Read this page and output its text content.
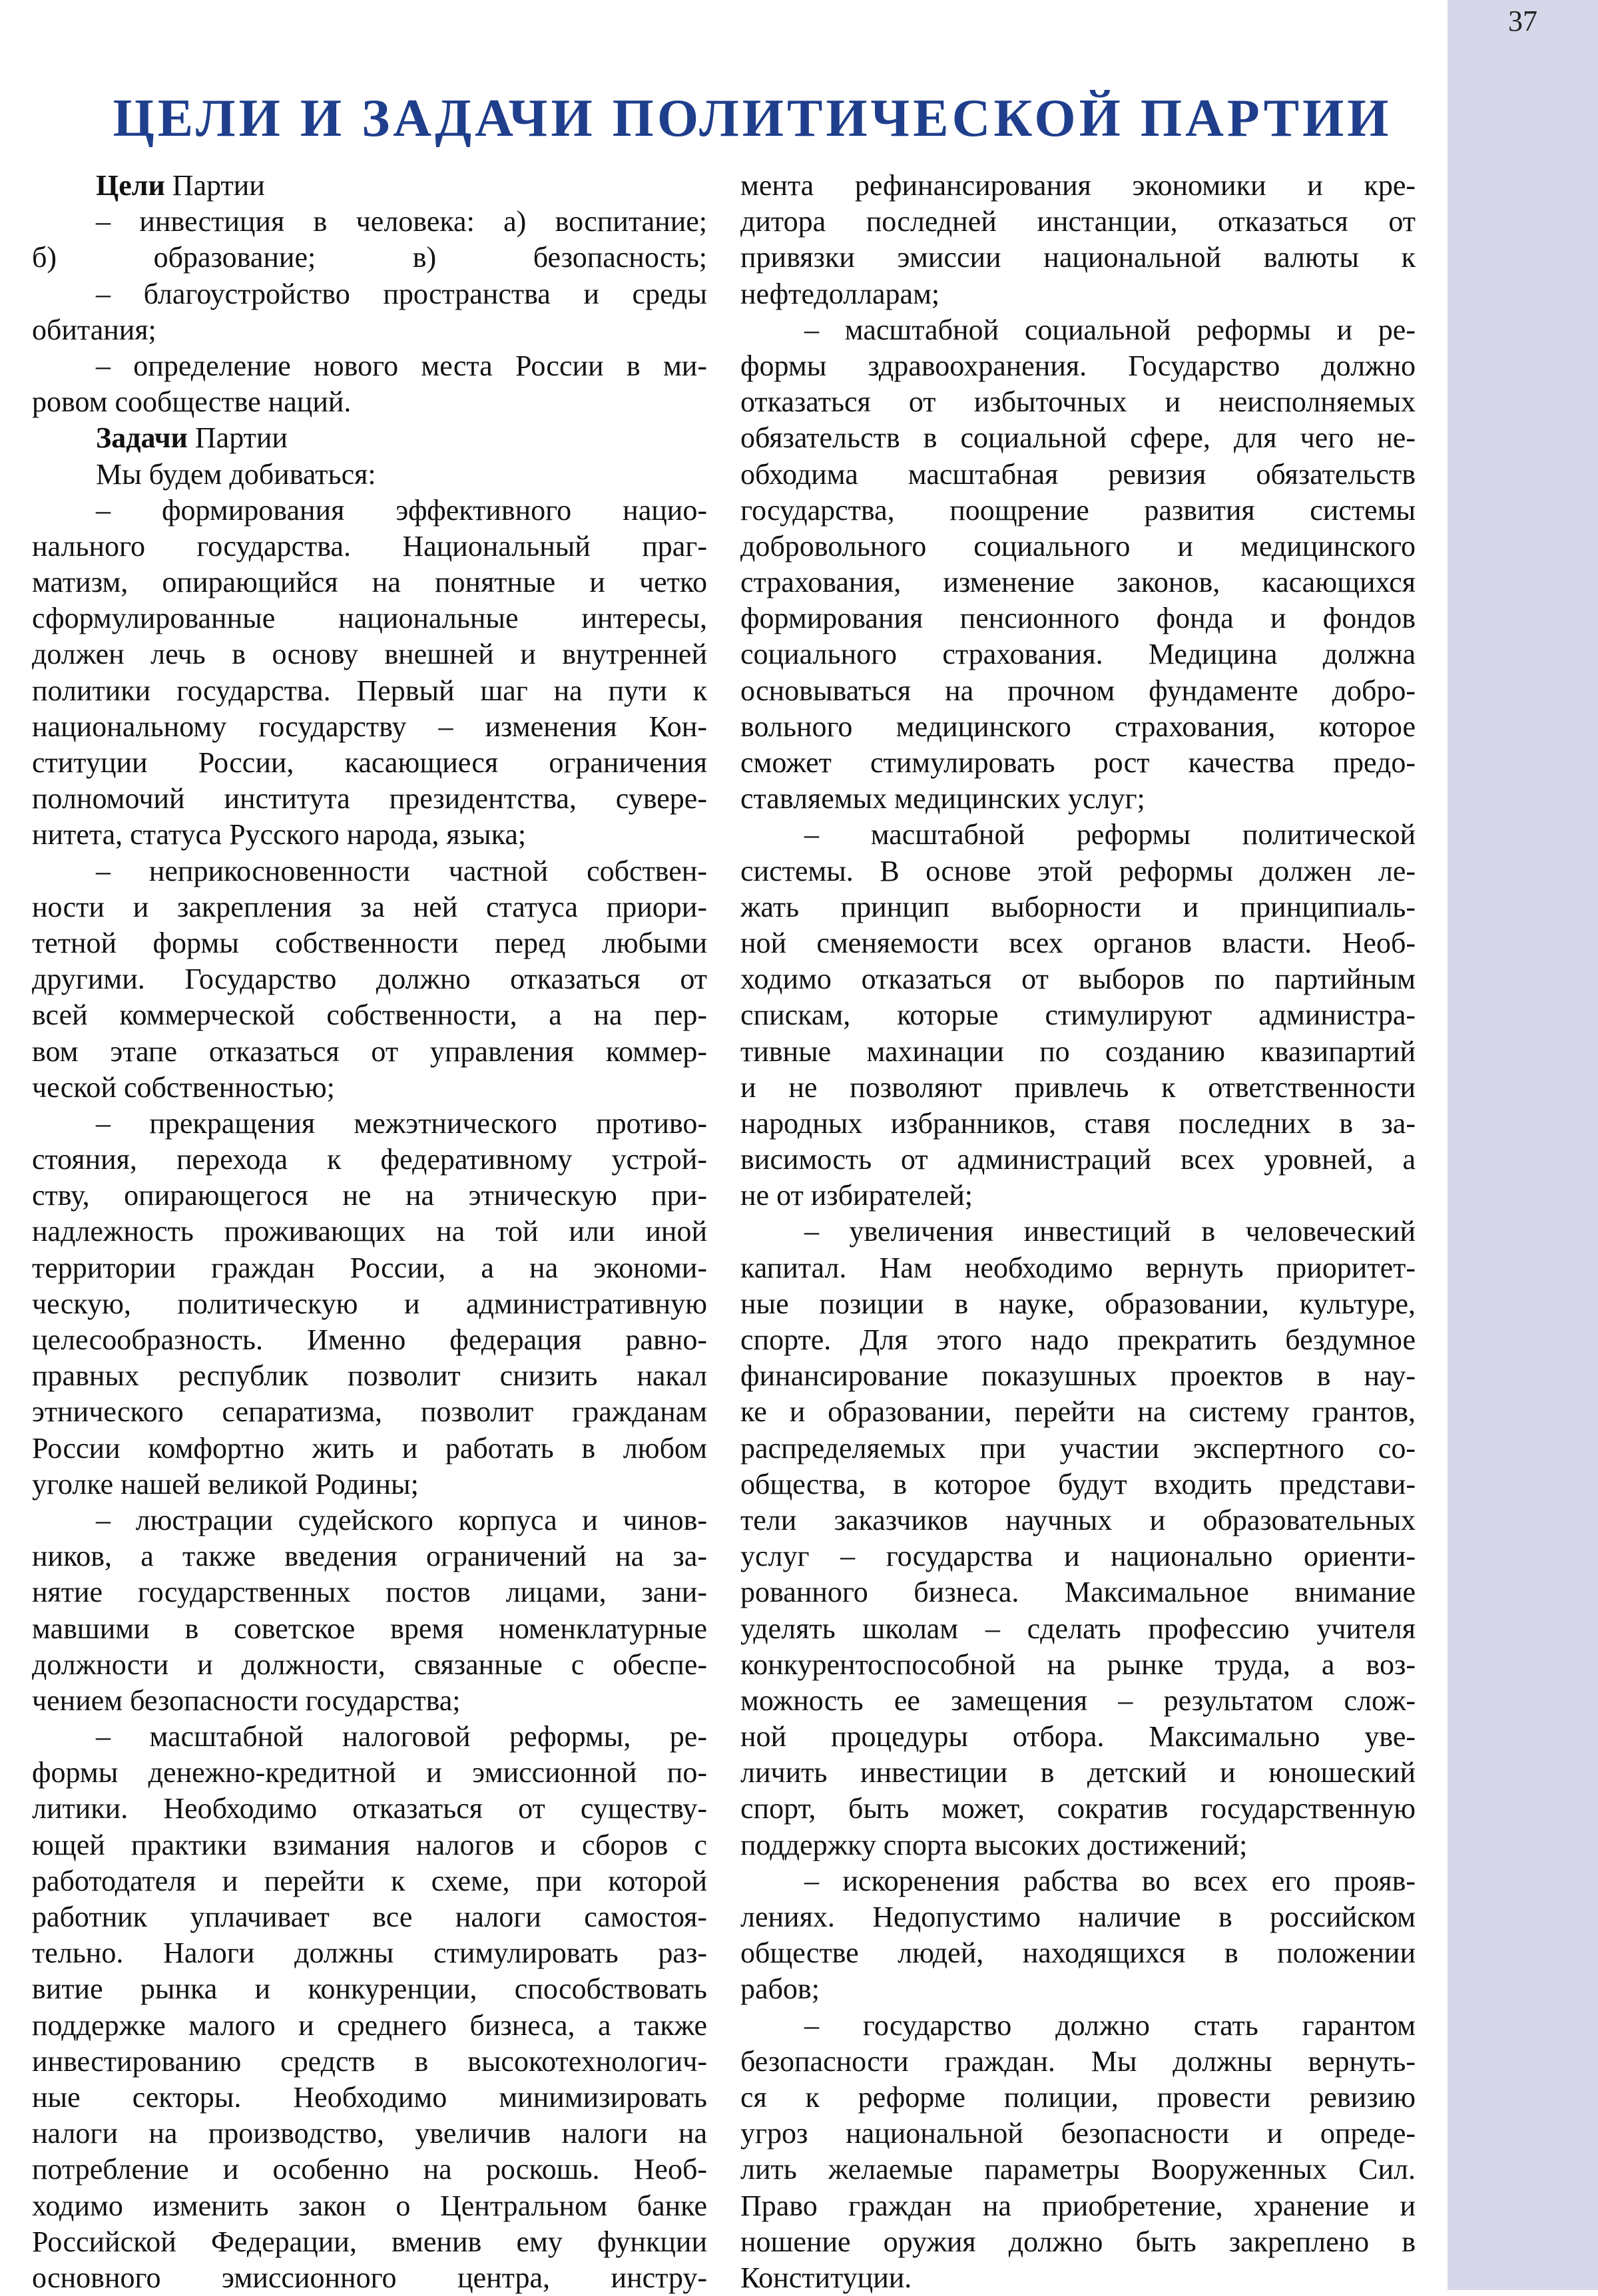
37
ЦЕЛИ И ЗАДАЧИ ПОЛИТИЧЕСКОЙ ПАРТИИ
Цели Партии
– инвестиция в человека: а) воспитание;
б) образование; в) безопасность;
– благоустройство пространства и среды
обитания;
– определение нового места России в ми-
ровом сообществе наций.
Задачи Партии
Мы будем добиваться:
– формирования эффективного нацио-
нального государства. Национальный праг-
матизм, опирающийся на понятные и четко
сформулированные национальные интересы,
должен лечь в основу внешней и внутренней
политики государства. Первый шаг на пути к
национальному государству – изменения Кон-
ституции России, касающиеся ограничения
полномочий института президентства, сувере-
нитета, статуса Русского народа, языка;
– неприкосновенности частной собствен-
ности и закрепления за ней статуса приори-
тетной формы собственности перед любыми
другими. Государство должно отказаться от
всей коммерческой собственности, а на пер-
вом этапе отказаться от управления коммер-
ческой собственностью;
– прекращения межэтнического противо-
стояния, перехода к федеративному устрой-
ству, опирающегося не на этническую при-
надлежность проживающих на той или иной
территории граждан России, а на экономи-
ческую, политическую и административную
целесообразность. Именно федерация равно-
правных республик позволит снизить накал
этнического сепаратизма, позволит гражданам
России комфортно жить и работать в любом
уголке нашей великой Родины;
– люстрации судейского корпуса и чинов-
ников, а также введения ограничений на за-
нятие государственных постов лицами, зани-
мавшими в советское время номенклатурные
должности и должности, связанные с обеспе-
чением безопасности государства;
– масштабной налоговой реформы, ре-
формы денежно-кредитной и эмиссионной по-
литики. Необходимо отказаться от существу-
ющей практики взимания налогов и сборов с
работодателя и перейти к схеме, при которой
работник уплачивает все налоги самостоя-
тельно. Налоги должны стимулировать раз-
витие рынка и конкуренции, способствовать
поддержке малого и среднего бизнеса, а также
инвестированию средств в высокотехнологич-
ные секторы. Необходимо минимизировать
налоги на производство, увеличив налоги на
потребление и особенно на роскошь. Необ-
ходимо изменить закон о Центральном банке
Российской Федерации, вменив ему функции
основного эмиссионного центра, инстру-
мента рефинансирования экономики и кре-
дитора последней инстанции, отказаться от
привязки эмиссии национальной валюты к
нефтедолларам;
– масштабной социальной реформы и ре-
формы здравоохранения. Государство должно
отказаться от избыточных и неисполняемых
обязательств в социальной сфере, для чего не-
обходима масштабная ревизия обязательств
государства, поощрение развития системы
добровольного социального и медицинского
страхования, изменение законов, касающихся
формирования пенсионного фонда и фондов
социального страхования. Медицина должна
основываться на прочном фундаменте добро-
вольного медицинского страхования, которое
сможет стимулировать рост качества предо-
ставляемых медицинских услуг;
– масштабной реформы политической
системы. В основе этой реформы должен ле-
жать принцип выборности и принципиаль-
ной сменяемости всех органов власти. Необ-
ходимо отказаться от выборов по партийным
спискам, которые стимулируют администра-
тивные махинации по созданию квазипартий
и не позволяют привлечь к ответственности
народных избранников, ставя последних в за-
висимость от администраций всех уровней, а
не от избирателей;
– увеличения инвестиций в человеческий
капитал. Нам необходимо вернуть приоритет-
ные позиции в науке, образовании, культуре,
спорте. Для этого надо прекратить бездумное
финансирование показушных проектов в нау-
ке и образовании, перейти на систему грантов,
распределяемых при участии экспертного со-
общества, в которое будут входить представи-
тели заказчиков научных и образовательных
услуг – государства и национально ориенти-
рованного бизнеса. Максимальное внимание
уделять школам – сделать профессию учителя
конкурентоспособной на рынке труда, а воз-
можность ее замещения – результатом слож-
ной процедуры отбора. Максимально уве-
личить инвестиции в детский и юношеский
спорт, быть может, сократив государственную
поддержку спорта высоких достижений;
– искоренения рабства во всех его прояв-
лениях. Недопустимо наличие в российском
обществе людей, находящихся в положении
рабов;
– государство должно стать гарантом
безопасности граждан. Мы должны вернуть-
ся к реформе полиции, провести ревизию
угроз национальной безопасности и опреде-
лить желаемые параметры Вооруженных Сил.
Право граждан на приобретение, хранение и
ношение оружия должно быть закреплено в
Конституции.
